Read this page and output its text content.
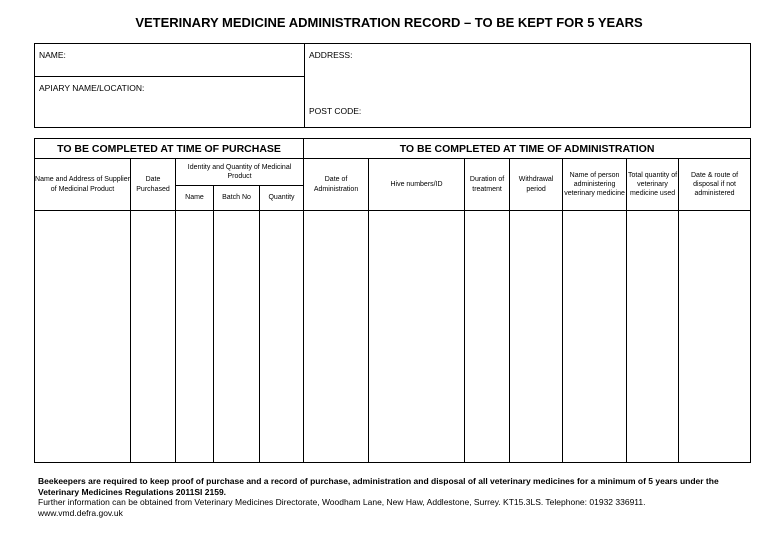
VETERINARY MEDICINE ADMINISTRATION RECORD – TO BE KEPT FOR 5 YEARS
NAME:	ADDRESS:
POST CODE:

APIARY NAME/LOCATION:
TO BE COMPLETED AT TIME OF PURCHASE					TO BE COMPLETED AT TIME OF ADMINISTRATION						
Name and Address of Supplier of Medicinal Product	Date Purchased	Identity and Quantity of Medicinal Product			Date of Administration	Hive numbers/ID	Duration of treatment	Withdrawal period	Name of person administering veterinary medicine	Total quantity of veterinary medicine used	Date & route of disposal if not administered
		Name	Batch No	Quantity							

Beekeepers are required to keep proof of purchase and a record of purchase, administration and disposal of all veterinary medicines for a minimum of 5 years under the Veterinary Medicines Regulations 2011SI 2159.
Further information can be obtained from Veterinary Medicines Directorate, Woodham Lane, New Haw, Addlestone, Surrey. KT15.3LS. Telephone: 01932 336911.
www.vmd.defra.gov.uk
